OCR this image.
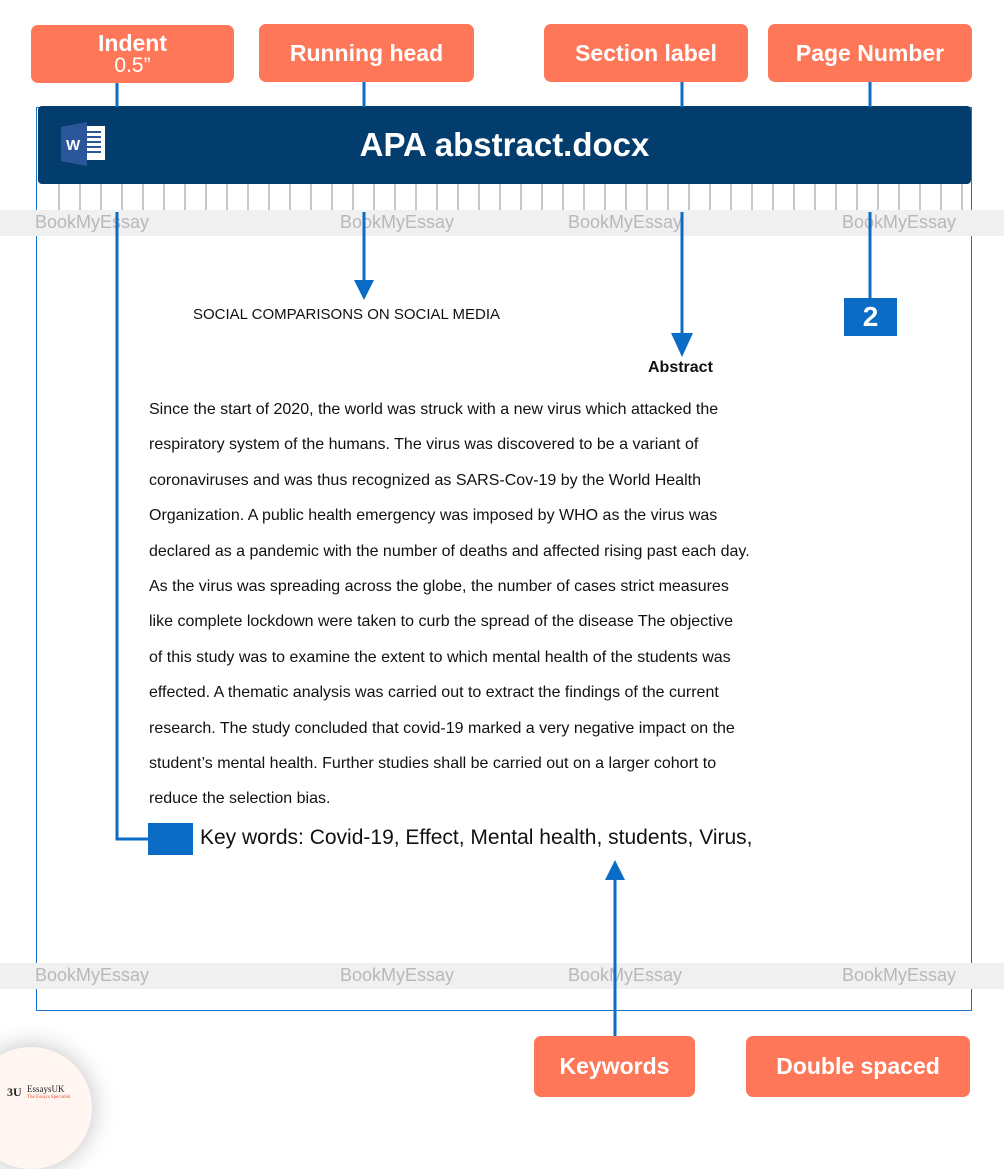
Indent
0.5”	Running head	Section label	Page Number
Keywords	Double spaced
W	APA abstract.docx
BookMyEssay	BookMyEssay	BookMyEssay	BookMyEssay
BookMyEssay	BookMyEssay	BookMyEssay	BookMyEssay
SOCIAL COMPARISONS ON SOCIAL MEDIA	2
Abstract
Since the start of 2020, the world was struck with a new virus which attacked the
respiratory system of the humans. The virus was discovered to be a variant of
coronaviruses and was thus recognized as SARS-Cov-19 by the World Health
Organization. A public health emergency was imposed by WHO as the virus was
declared as a pandemic with the number of deaths and affected rising past each day.
As the virus was spreading across the globe, the number of cases strict measures
like complete lockdown were taken to curb the spread of the disease The objective
of this study was to examine the extent to which mental health of the students was
effected. A thematic analysis was carried out to extract the findings of the current
research. The study concluded that covid-19 marked a very negative impact on the
student’s mental health. Further studies shall be carried out on a larger cohort to
reduce the selection bias.
Key words: Covid-19, Effect, Mental health, students, Virus,
3U EssaysUK
The Essays Specialist
